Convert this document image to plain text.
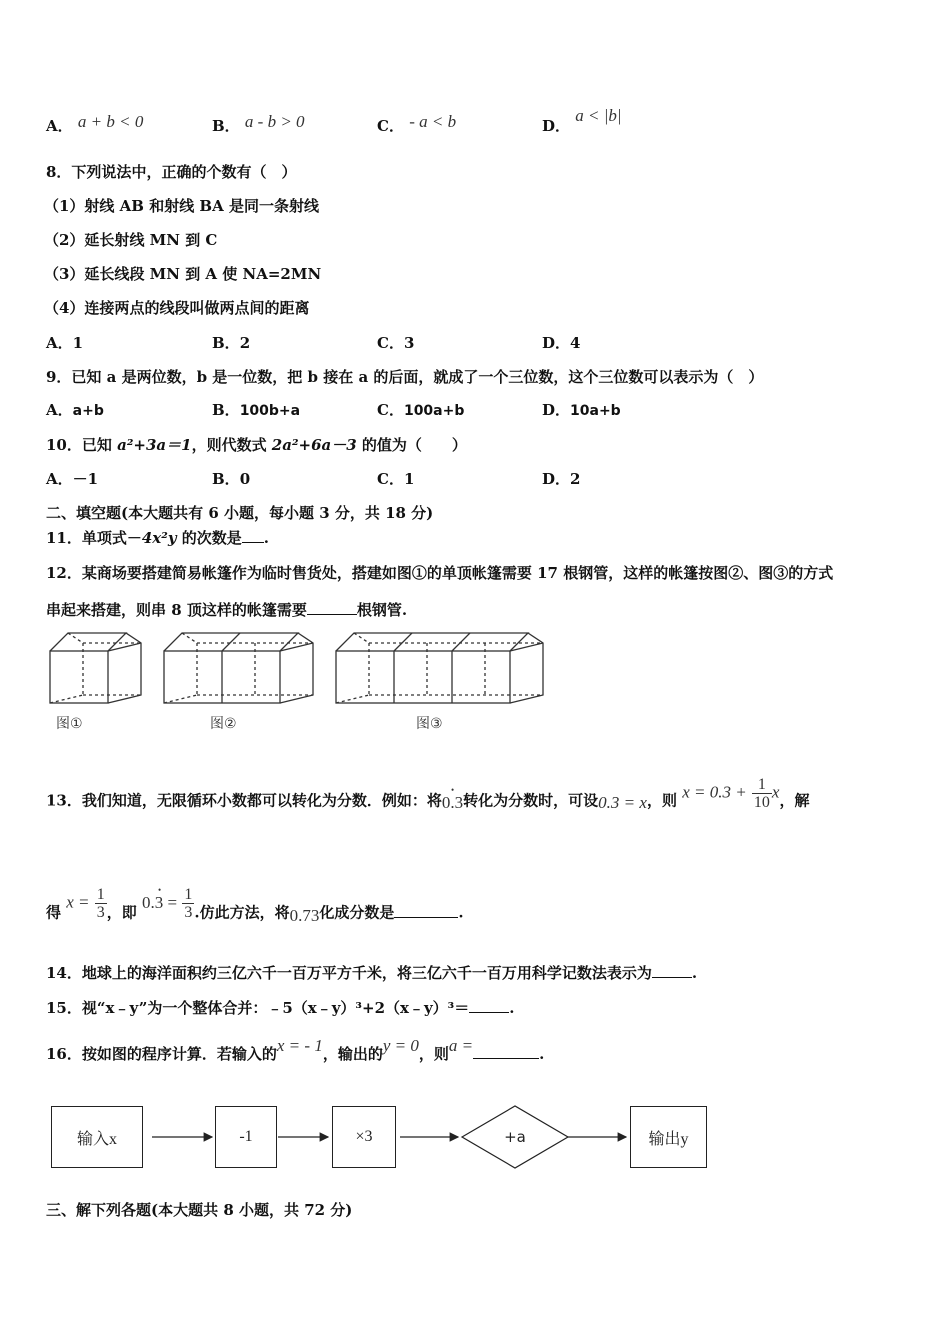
A． a + b < 0	B． a - b > 0	C． - a < b	D． a < |b|
8．下列说法中，正确的个数有（　）
（1）射线 AB 和射线 BA 是同一条射线
（2）延长射线 MN 到 C
（3）延长线段 MN 到 A 使 NA=2MN
（4）连接两点的线段叫做两点间的距离
A．1	B．2	C．3	D．4
9．已知 a 是两位数，b 是一位数，把 b 接在 a 的后面，就成了一个三位数，这个三位数可以表示为（　）
A．a+b	B．100b+a	C．100a+b	D．10a+b
10．已知 a²+3a＝1，则代数式 2a²+6a－3 的值为（　　）
A．－1	B．0	C．1	D．2
二、填空题(本大题共有 6 小题，每小题 3 分，共 18 分)
11．单项式－4x²y 的次数是 .
12．某商场要搭建简易帐篷作为临时售货处，搭建如图①的单顶帐篷需要 17 根钢管，这样的帐篷按图②、图③的方式
串起来搭建，则串 8 顶这样的帐篷需要	根钢管.
图①	图②	图③
13．我们知道，无限循环小数都可以转化为分数．例如：将• 0.3转化为分数时，可设0.3 = x，则 $x = 0.3 + \frac{1}{10}$ x，解
得 $x = \frac{1}{3}$ ，即 • $0.3 = \frac{1}{3}$ .仿此方法，将0.73化成分数是	.
14．地球上的海洋面积约三亿六千一百万平方千米，将三亿六千一百万用科学记数法表示为	.
15．视“x﹣y”为一个整体合并：﹣5（x﹣y）³+2（x﹣y）³＝	.
16．按如图的程序计算．若输入的x = - 1，输出的y = 0，则a =	.
输入x	-1	×3	输出y
+a
三、解下列各题(本大题共 8 小题，共 72 分)
